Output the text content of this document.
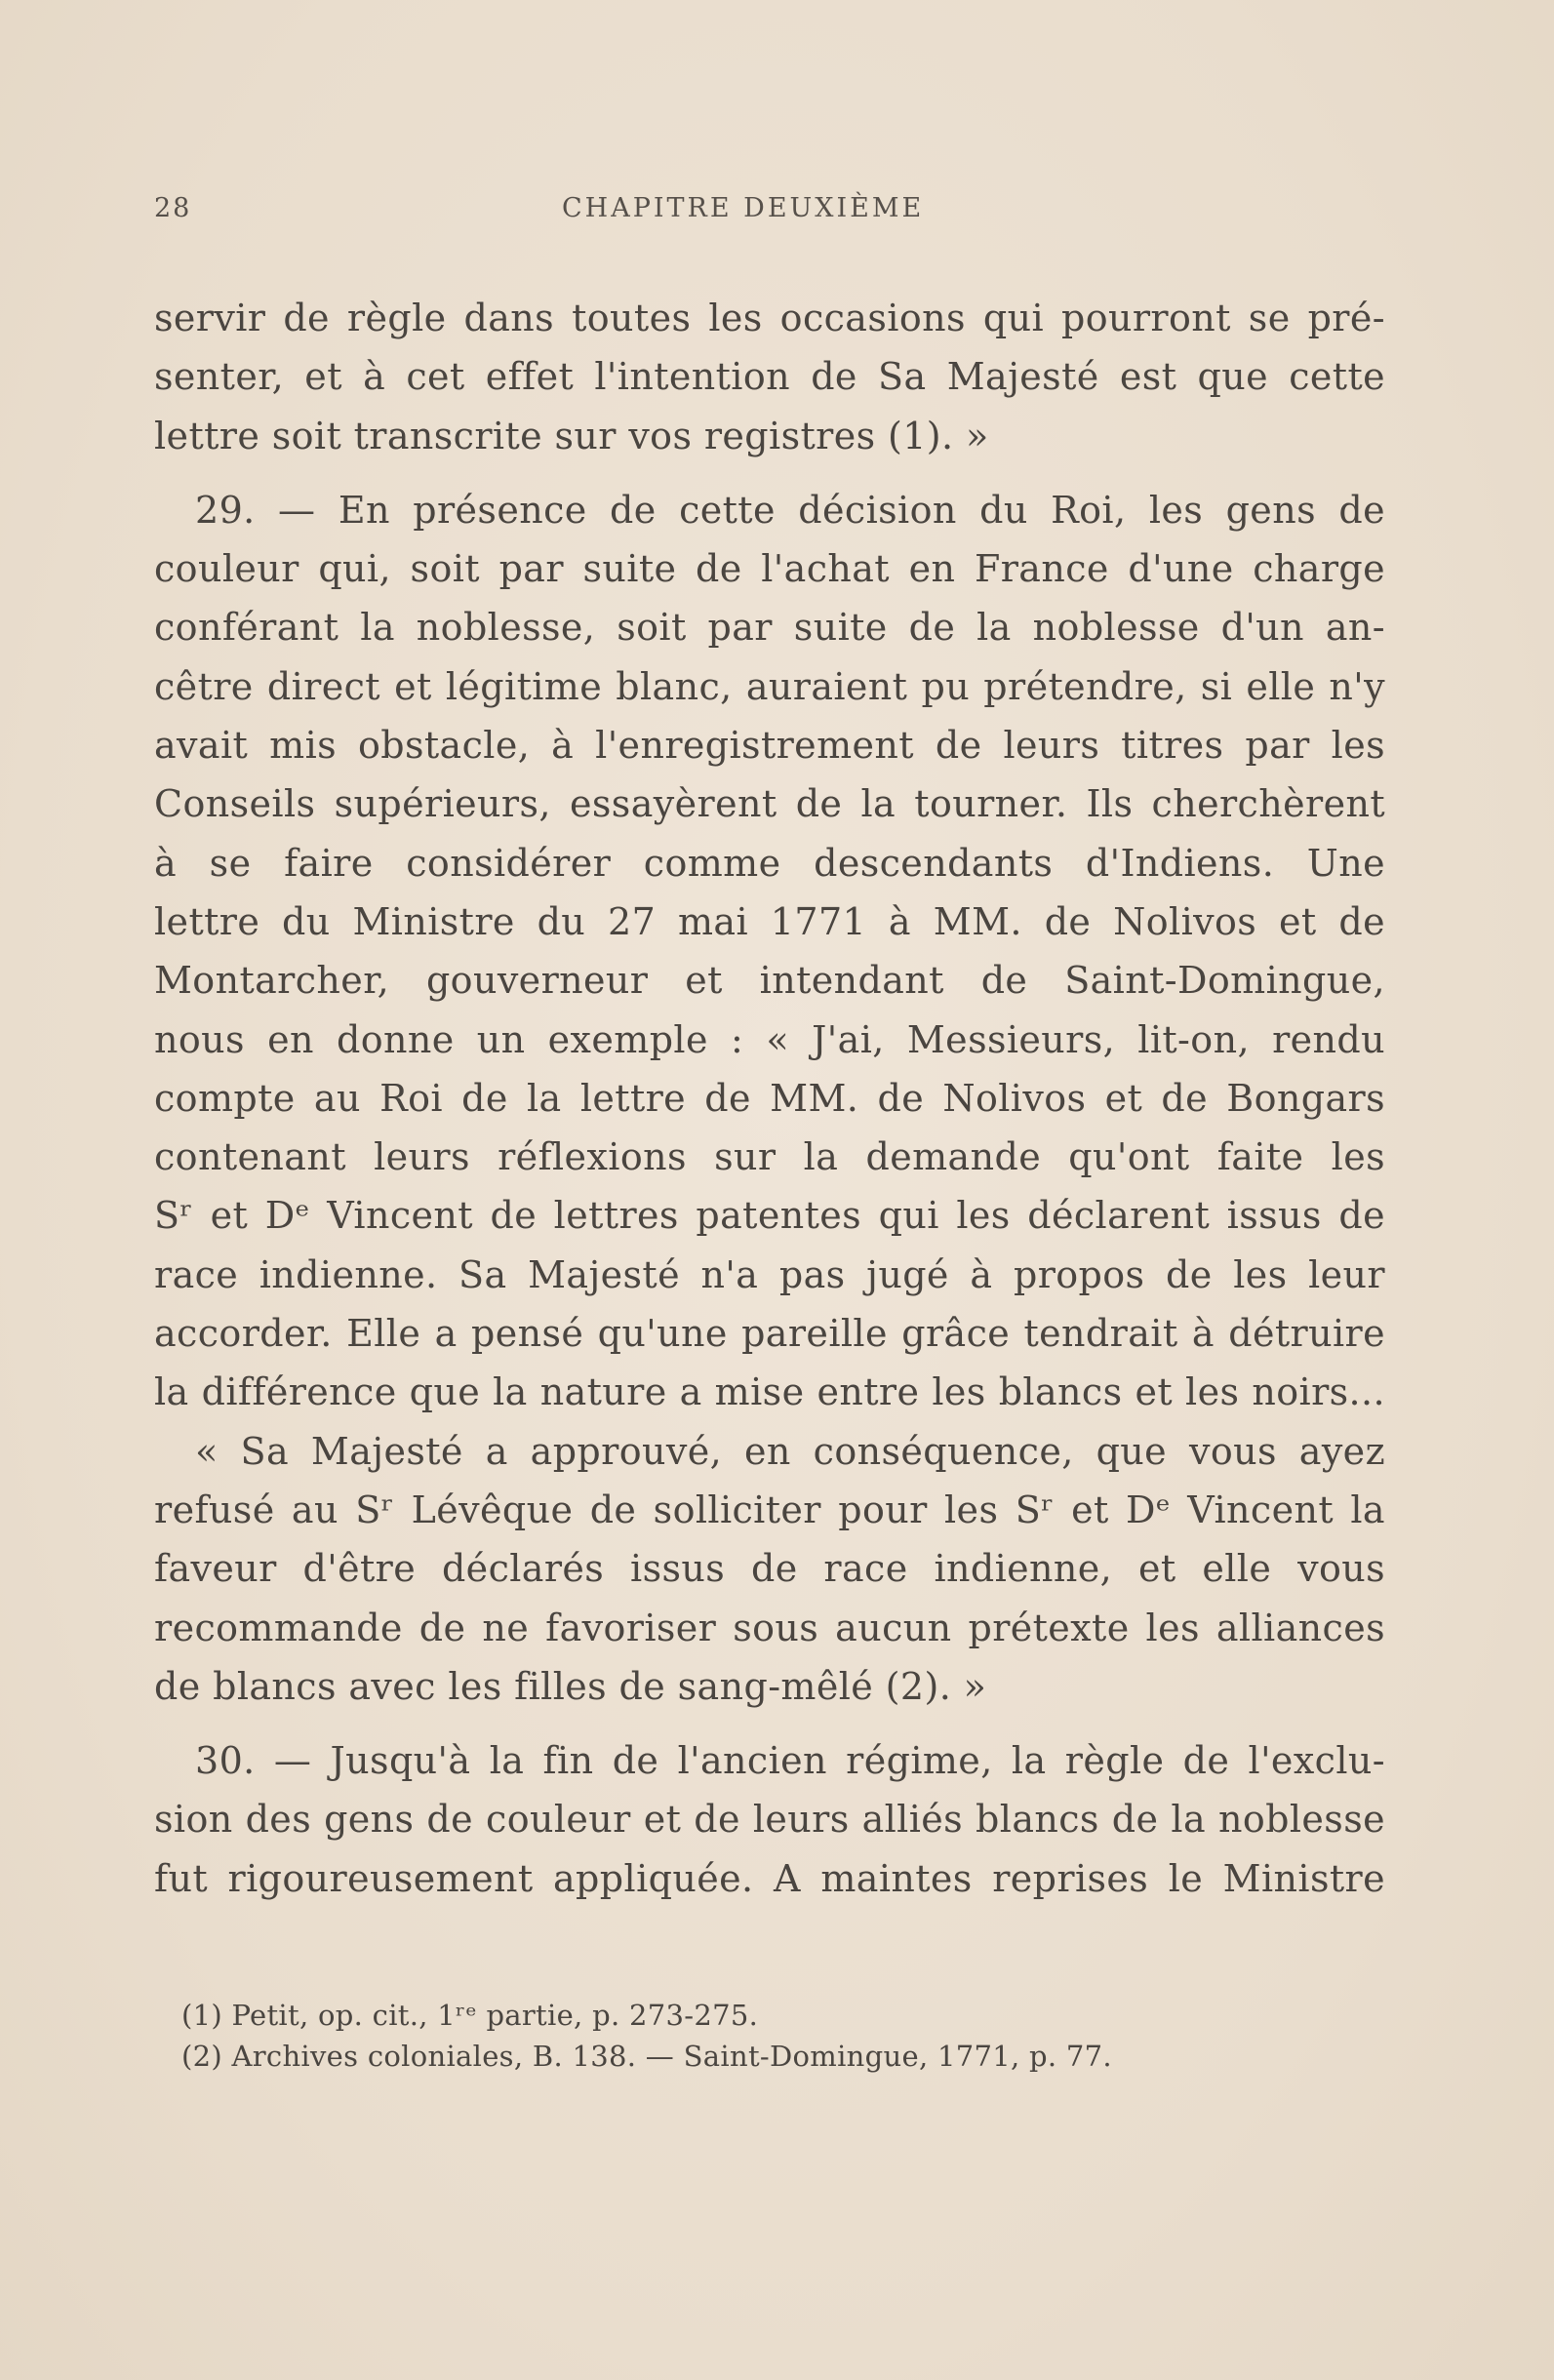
28	CHAPITRE DEUXIÈME
servir de règle dans toutes les occasions qui pourront se pré-
senter, et à cet effet l'intention de Sa Majesté est que cette
lettre soit transcrite sur vos registres (1). »
29. — En présence de cette décision du Roi, les gens de
couleur qui, soit par suite de l'achat en France d'une charge
conférant la noblesse, soit par suite de la noblesse d'un an-
cêtre direct et légitime blanc, auraient pu prétendre, si elle n'y
avait mis obstacle, à l'enregistrement de leurs titres par les
Conseils supérieurs, essayèrent de la tourner. Ils cherchèrent
à se faire considérer comme descendants d'Indiens. Une
lettre du Ministre du 27 mai 1771 à MM. de Nolivos et de
Montarcher, gouverneur et intendant de Saint-Domingue,
nous en donne un exemple : « J'ai, Messieurs, lit-on, rendu
compte au Roi de la lettre de MM. de Nolivos et de Bongars
contenant leurs réflexions sur la demande qu'ont faite les
Sʳ et Dᵉ Vincent de lettres patentes qui les déclarent issus de
race indienne. Sa Majesté n'a pas jugé à propos de les leur
accorder. Elle a pensé qu'une pareille grâce tendrait à détruire
la différence que la nature a mise entre les blancs et les noirs...
« Sa Majesté a approuvé, en conséquence, que vous ayez
refusé au Sʳ Lévêque de solliciter pour les Sʳ et Dᵉ Vincent la
faveur d'être déclarés issus de race indienne, et elle vous
recommande de ne favoriser sous aucun prétexte les alliances
de blancs avec les filles de sang-mêlé (2). »
30. — Jusqu'à la fin de l'ancien régime, la règle de l'exclu-
sion des gens de couleur et de leurs alliés blancs de la noblesse
fut rigoureusement appliquée. A maintes reprises le Ministre
(1) Petit, op. cit., 1ʳᵉ partie, p. 273-275.
(2) Archives coloniales, B. 138. — Saint-Domingue, 1771, p. 77.
